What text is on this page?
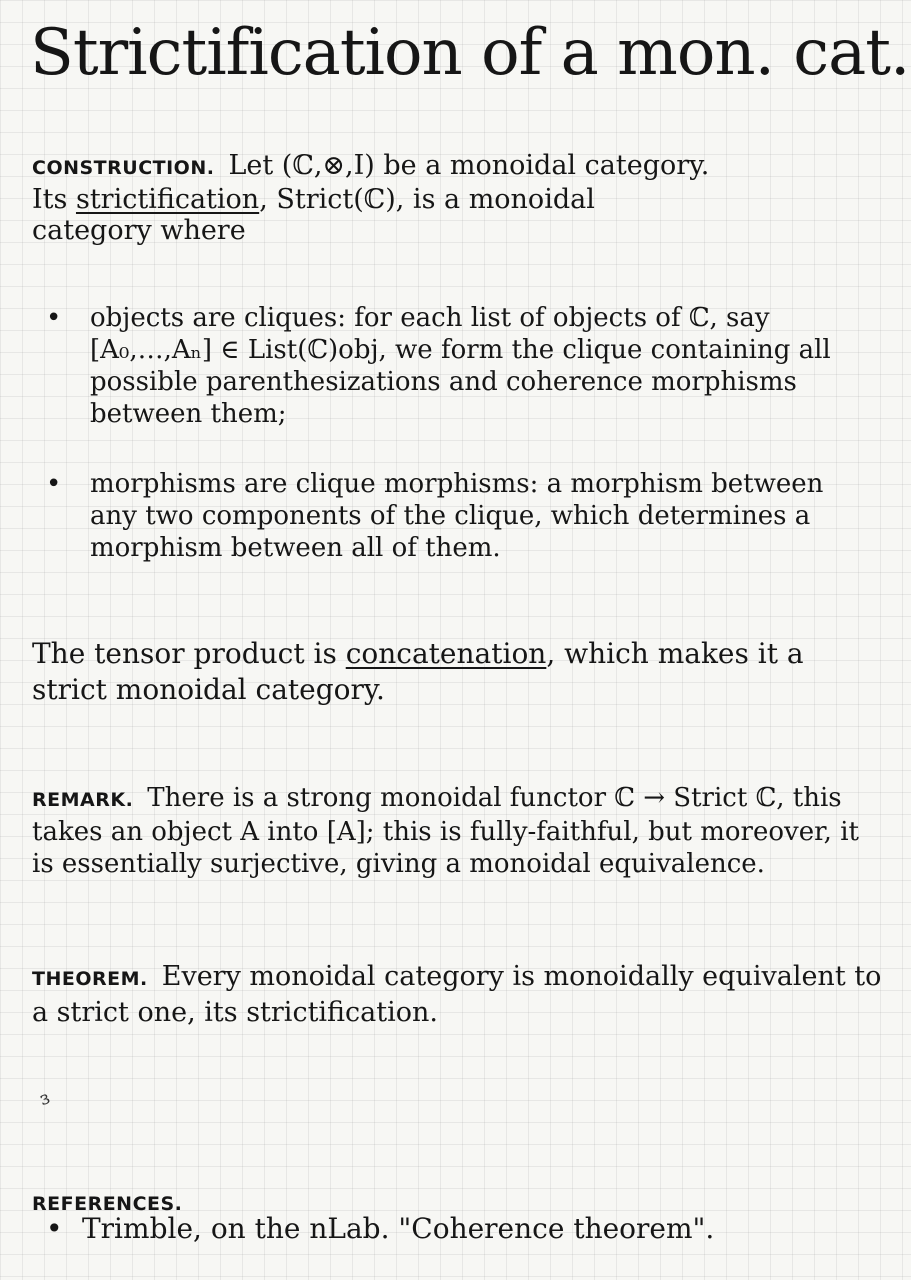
Strictification of a mon. cat.
CONSTRUCTION. Let (ℂ,⊗,I) be a monoidal category.
Its strictification, Strict(ℂ), is a monoidal
category where
• objects are cliques: for each list of objects of ℂ, say [A₀,…,Aₙ] ∈ List(ℂ)obj, we form the clique containing all possible parenthesizations and coherence morphisms between them;
• morphisms are clique morphisms: a morphism between any two components of the clique, which determines a morphism between all of them.
The tensor product is concatenation, which makes it a strict monoidal category.
REMARK. There is a strong monoidal functor ℂ → Strict ℂ, this takes an object A into [A]; this is fully-faithful, but moreover, it is essentially surjective, giving a monoidal equivalence.
THEOREM. Every monoidal category is monoidally equivalent to a strict one, its strictification.
ɜ
REFERENCES.
• Trimble, on the nLab. "Coherence theorem".
